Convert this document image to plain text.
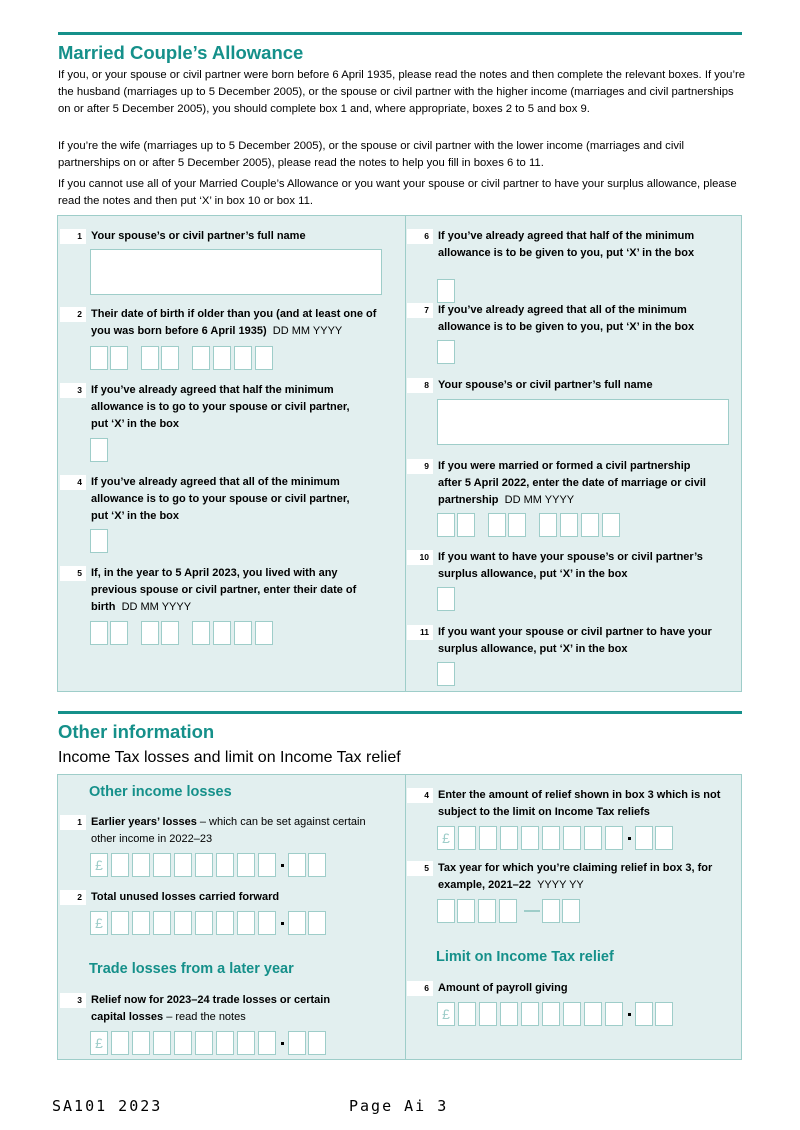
Married Couple’s Allowance

If you, or your spouse or civil partner were born before 6 April 1935, please read the notes and then complete the relevant boxes. If you’re the husband (marriages up to 5 December 2005), or the spouse or civil partner with the higher income (marriages and civil partnerships on or after 5 December 2005), you should complete box 1 and, where appropriate, boxes 2 to 5 and box 9.

If you’re the wife (marriages up to 5 December 2005), or the spouse or civil partner with the lower income (marriages and civil partnerships on or after 5 December 2005), please read the notes to help you fill in boxes 6 to 11.

If you cannot use all of your Married Couple’s Allowance or you want your spouse or civil partner to have your surplus allowance, please read the notes and then put ‘X’ in box 10 or box 11.

1 Your spouse’s or civil partner’s full name
2 Their date of birth if older than you (and at least one of you was born before 6 April 1935) DD MM YYYY
3 If you’ve already agreed that half the minimum allowance is to go to your spouse or civil partner, put ‘X’ in the box
4 If you’ve already agreed that all of the minimum allowance is to go to your spouse or civil partner, put ‘X’ in the box
5 If, in the year to 5 April 2023, you lived with any previous spouse or civil partner, enter their date of birth DD MM YYYY
6 If you’ve already agreed that half of the minimum allowance is to be given to you, put ‘X’ in the box
7 If you’ve already agreed that all of the minimum allowance is to be given to you, put ‘X’ in the box
8 Your spouse’s or civil partner’s full name
9 If you were married or formed a civil partnership after 5 April 2022, enter the date of marriage or civil partnership DD MM YYYY
10 If you want to have your spouse’s or civil partner’s surplus allowance, put ‘X’ in the box
11 If you want your spouse or civil partner to have your surplus allowance, put ‘X’ in the box
Other information
Income Tax losses and limit on Income Tax relief
Other income losses
1 Earlier years’ losses – which can be set against certain other income in 2022–23
£
2 Total unused losses carried forward
£
Trade losses from a later year
3 Relief now for 2023–24 trade losses or certain capital losses – read the notes
£
4 Enter the amount of relief shown in box 3 which is not subject to the limit on Income Tax reliefs
£
5 Tax year for which you’re claiming relief in box 3, for example, 2021–22 YYYY YY
Limit on Income Tax relief
6 Amount of payroll giving
£
SA101 2023	Page Ai 3
